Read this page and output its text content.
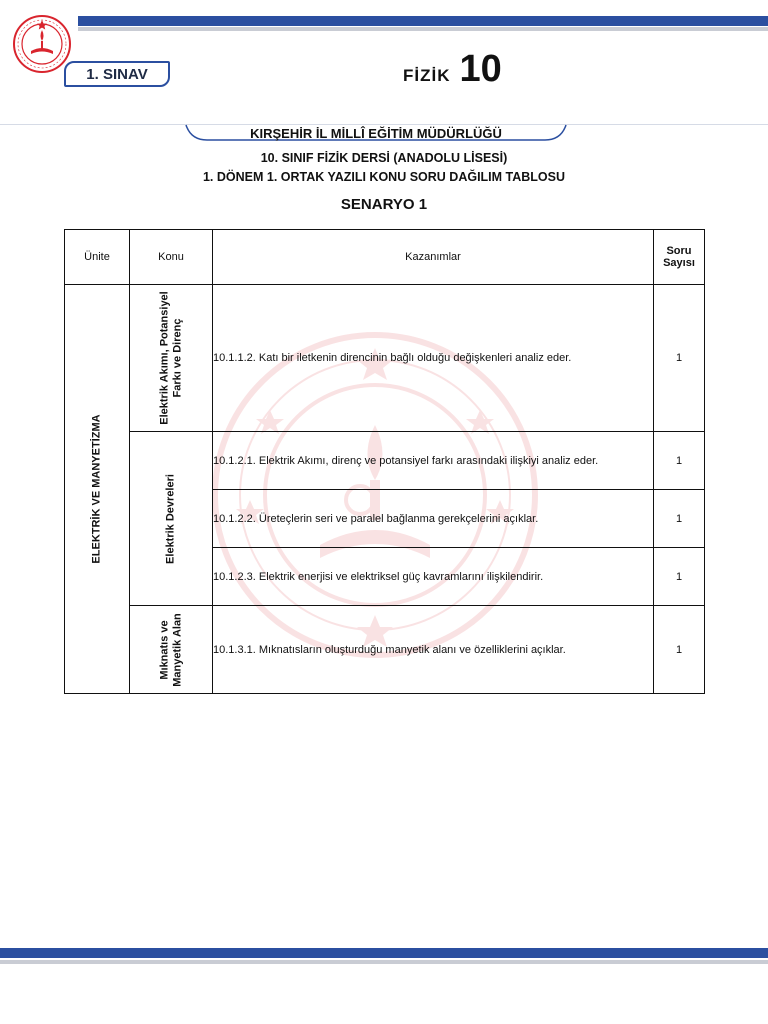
1. SINAV	FİZİK 10
KIRŞEHİR İL MİLLÎ EĞİTİM MÜDÜRLÜĞÜ
10. SINIF FİZİK DERSİ (ANADOLU LİSESİ)
1. DÖNEM 1. ORTAK YAZILI KONU SORU DAĞILIM TABLOSU
SENARYO 1
Ünite	Konu	Kazanımlar	Soru Sayısı

ELEKTRİK VE MANYETİZMA	Elektrik Akımı, Potansiyel Farkı ve Direnç	10.1.1.2. Katı bir iletkenin direncinin bağlı olduğu değişkenleri analiz eder.	1

	Elektrik Devreleri	10.1.2.1. Elektrik Akımı, direnç ve potansiyel farkı arasındaki ilişkiyi analiz eder.	1
		10.1.2.2. Üreteçlerin seri ve paralel bağlanma gerekçelerini açıklar.	1
		10.1.2.3. Elektrik enerjisi ve elektriksel güç kavramlarını ilişkilendirir.	1

	Mıknatıs ve Manyetik Alan	10.1.3.1. Mıknatısların oluşturduğu manyetik alanı ve özelliklerini açıklar.	1
